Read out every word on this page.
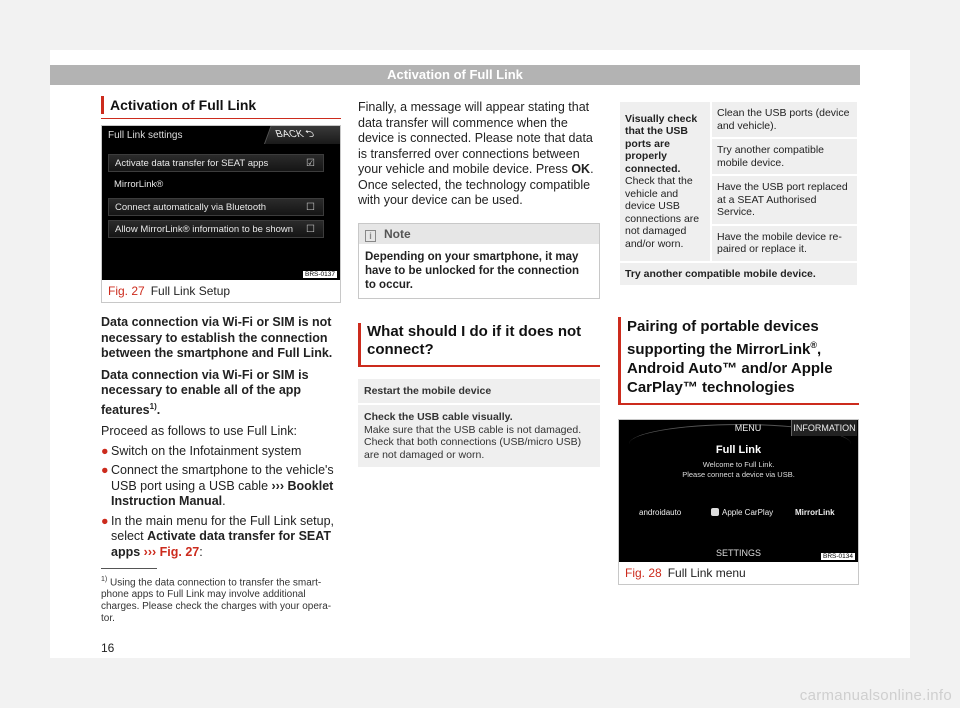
Activation of Full Link
Activation of Full Link
Full Link settings	BACK ⮌
Activate data transfer for SEAT apps	☑
MirrorLink®
Connect automatically via Bluetooth	☐
Allow MirrorLink® information to be shown ☐
BRS-0137
Fig. 27 Full Link Setup

Data connection via Wi-Fi or SIM is not necessary to establish the connection between the smartphone and Full Link.

Data connection via Wi-Fi or SIM is necessary to enable all of the app features$^{1)}$.

Proceed as follows to use Full Link:

● Switch on the Infotainment system
● Connect the smartphone to the vehicle's USB port using a USB cable ››› Booklet Instruction Manual.
● In the main menu for the Full Link setup, select Activate data transfer for SEAT apps ››› Fig. 27:
Finally, a message will appear stating that data transfer will commence when the device is connected. Please note that data is transferred over connections between your vehicle and mobile device. Press OK. Once selected, the technology compatible with your device can be used.
i Note
Depending on your smartphone, it may have to be unlocked for the connection to occur.
What should I do if it does not connect?
Restart the mobile device
Check the USB cable visually.
Make sure that the USB cable is not damaged. Check that both connections (USB/micro USB) are not damaged or worn.
Visually check that the USB ports are properly connected. Check that the vehicle and device USB connections are not damaged and/or worn.	Clean the USB ports (device and vehicle).
Try another compatible mobile device.
Have the USB port replaced at a SEAT Authorised Service.
Have the mobile device repaired or replace it.
Try another compatible mobile device.
Pairing of portable devices supporting the MirrorLink®, Android Auto™ and/or Apple CarPlay™ technologies
MENU	INFORMATION
Full Link
Welcome to Full Link.
Please connect a device via USB.
androidauto	Apple CarPlay	MirrorLink
SETTINGS	BRS-0134
Fig. 28 Full Link menu
$^{1)}$ Using the data connection to transfer the smartphone apps to Full Link may involve additional charges. Please check the charges with your operator.
16
carmanualsonline.info
